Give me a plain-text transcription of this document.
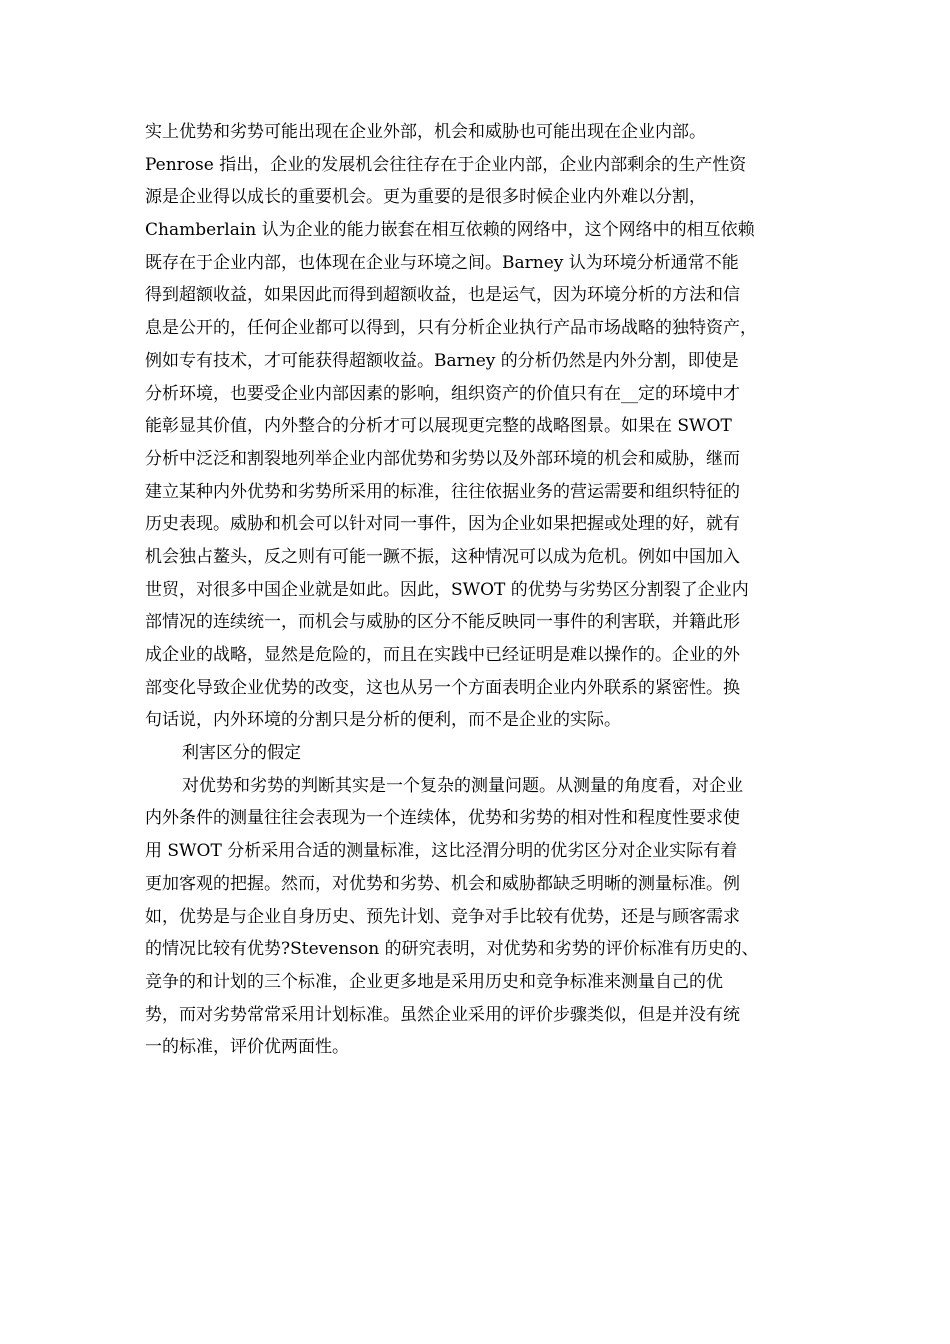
实上优势和劣势可能出现在企业外部，机会和威胁也可能出现在企业内部。
Penrose 指出，企业的发展机会往往存在于企业内部，企业内部剩余的生产性资
源是企业得以成长的重要机会。更为重要的是很多时候企业内外难以分割，
Chamberlain 认为企业的能力嵌套在相互依赖的网络中，这个网络中的相互依赖
既存在于企业内部，也体现在企业与环境之间。Barney 认为环境分析通常不能
得到超额收益，如果因此而得到超额收益，也是运气，因为环境分析的方法和信
息是公开的，任何企业都可以得到，只有分析企业执行产品市场战略的独特资产，
例如专有技术，才可能获得超额收益。Barney 的分析仍然是内外分割，即使是
分析环境，也要受企业内部因素的影响，组织资产的价值只有在__定的环境中才
能彰显其价值，内外整合的分析才可以展现更完整的战略图景。如果在 SWOT
分析中泛泛和割裂地列举企业内部优势和劣势以及外部环境的机会和威胁，继而
建立某种内外优势和劣势所采用的标准，往往依据业务的营运需要和组织特征的
历史表现。威胁和机会可以针对同一事件，因为企业如果把握或处理的好，就有
机会独占鳌头，反之则有可能一蹶不振，这种情况可以成为危机。例如中国加入
世贸，对很多中国企业就是如此。因此，SWOT 的优势与劣势区分割裂了企业内
部情况的连续统一，而机会与威胁的区分不能反映同一事件的利害联，并籍此形
成企业的战略，显然是危险的，而且在实践中已经证明是难以操作的。企业的外
部变化导致企业优势的改变，这也从另一个方面表明企业内外联系的紧密性。换
句话说，内外环境的分割只是分析的便利，而不是企业的实际。
利害区分的假定
对优势和劣势的判断其实是一个复杂的测量问题。从测量的角度看，对企业
内外条件的测量往往会表现为一个连续体，优势和劣势的相对性和程度性要求使
用 SWOT 分析采用合适的测量标准，这比泾渭分明的优劣区分对企业实际有着
更加客观的把握。然而，对优势和劣势、机会和威胁都缺乏明晰的测量标准。例
如，优势是与企业自身历史、预先计划、竞争对手比较有优势，还是与顾客需求
的情况比较有优势?Stevenson 的研究表明，对优势和劣势的评价标准有历史的、
竞争的和计划的三个标准，企业更多地是采用历史和竞争标准来测量自己的优
势，而对劣势常常采用计划标准。虽然企业采用的评价步骤类似，但是并没有统
一的标准，评价优两面性。
